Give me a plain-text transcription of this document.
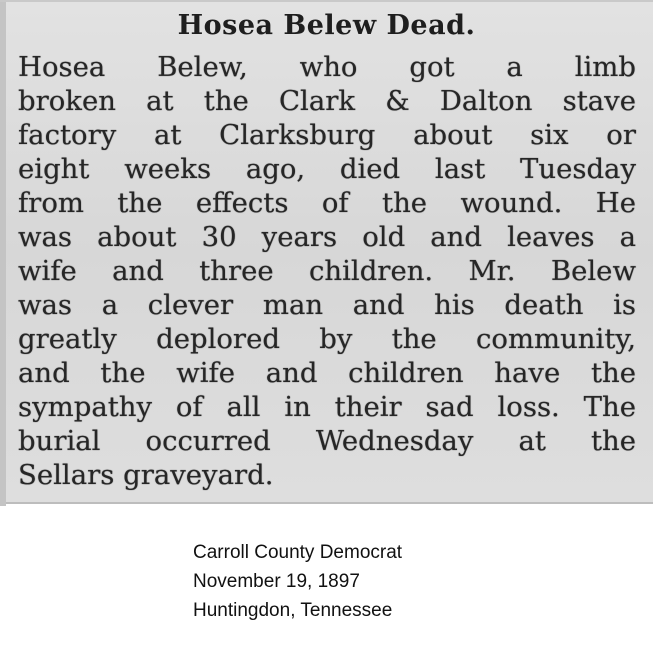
Hosea Belew Dead.
Hosea Belew, who got a limb
broken at the Clark & Dalton stave
factory at Clarksburg about six or
eight weeks ago, died last Tuesday
from the effects of the wound. He
was about 30 years old and leaves a
wife and three children. Mr. Belew
was a clever man and his death is
greatly deplored by the community,
and the wife and children have the
sympathy of all in their sad loss. The
burial occurred Wednesday at the
Sellars graveyard.
Carroll County Democrat
November 19, 1897
Huntingdon, Tennessee
